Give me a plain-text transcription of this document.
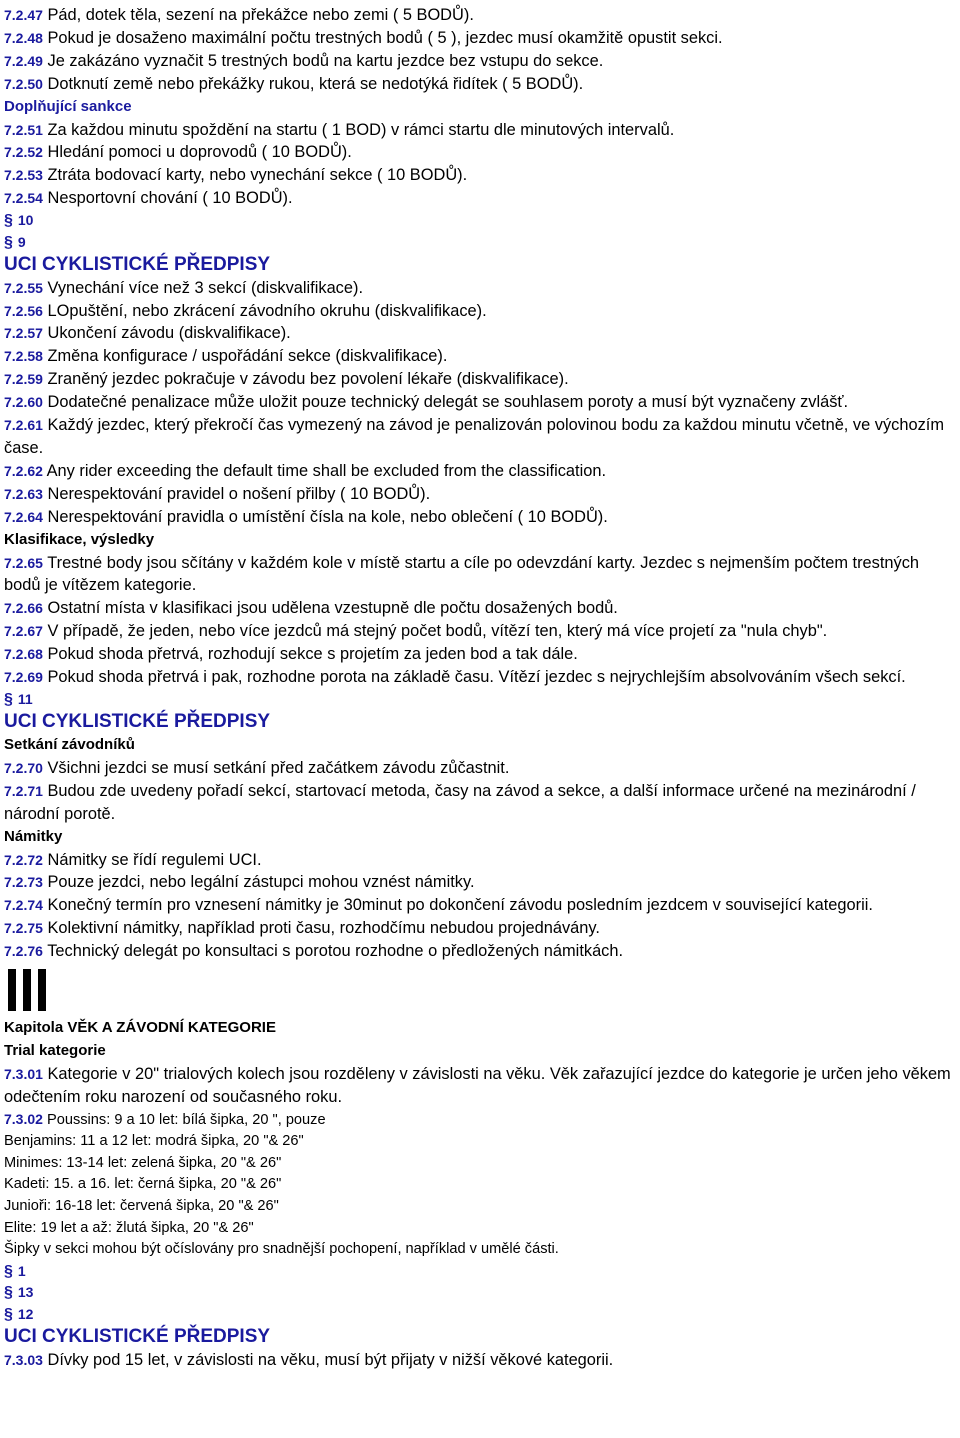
7.2.47 Pád, dotek těla, sezení na překážce nebo zemi ( 5 BODŮ).
7.2.48 Pokud je dosaženo maximální počtu trestných bodů ( 5 ), jezdec musí okamžitě opustit sekci.
7.2.49 Je zakázáno vyznačit 5 trestných bodů na kartu jezdce bez vstupu do sekce.
7.2.50 Dotknutí země nebo překážky rukou, která se nedotýká řidítek ( 5 BODŮ).
Doplňující sankce
7.2.51 Za každou minutu spoždění na startu ( 1 BOD) v rámci startu dle minutových intervalů.
7.2.52 Hledání pomoci u doprovodů ( 10 BODŮ).
7.2.53 Ztráta bodovací karty, nebo vynechání sekce ( 10 BODŮ).
7.2.54 Nesportovní chování ( 10 BODŮ).
§ 10
§ 9
UCI CYKLISTICKÉ PŘEDPISY
7.2.55 Vynechání více než 3 sekcí (diskvalifikace).
7.2.56 LOpuštění, nebo zkrácení závodního okruhu (diskvalifikace).
7.2.57 Ukončení závodu (diskvalifikace).
7.2.58 Změna konfigurace / uspořádání sekce (diskvalifikace).
7.2.59 Zraněný jezdec pokračuje v závodu bez povolení lékaře (diskvalifikace).
7.2.60 Dodatečné penalizace může uložit pouze technický delegát se souhlasem poroty a musí být vyznačeny zvlášť.
7.2.61 Každý jezdec, který překročí čas vymezený na závod je penalizován polovinou bodu za každou minutu včetně, ve výchozím čase.
7.2.62 Any rider exceeding the default time shall be excluded from the classification.
7.2.63 Nerespektování pravidel o nošení přilby ( 10 BODŮ).
7.2.64 Nerespektování pravidla o umístění čísla na kole, nebo oblečení ( 10 BODŮ).
Klasifikace, výsledky
7.2.65 Trestné body jsou sčítány v každém kole v místě startu a cíle po odevzdání karty. Jezdec s nejmenším počtem trestných bodů je vítězem kategorie.
7.2.66 Ostatní místa v klasifikaci jsou udělena vzestupně dle počtu dosažených bodů.
7.2.67 V případě, že jeden, nebo více jezdců má stejný počet bodů, vítězí ten, který má více projetí za "nula chyb".
7.2.68 Pokud shoda přetrvá, rozhodují sekce s projetím za jeden bod a tak dále.
7.2.69 Pokud shoda přetrvá i pak, rozhodne porota na základě času. Vítězí jezdec s nejrychlejším absolvováním všech sekcí.
§ 11
UCI CYKLISTICKÉ PŘEDPISY
Setkání závodníků
7.2.70 Všichni jezdci se musí setkání před začátkem závodu zůčastnit.
7.2.71 Budou zde uvedeny pořadí sekcí, startovací metoda, časy na závod a sekce, a další informace určené na mezinárodní / národní porotě.
Námitky
7.2.72 Námitky se řídí regulemi UCI.
7.2.73 Pouze jezdci, nebo legální zástupci mohou vznést námitky.
7.2.74 Konečný termín pro vznesení námitky je 30minut po dokončení závodu posledním jezdcem v související kategorii.
7.2.75 Kolektivní námitky, například proti času, rozhodčímu nebudou projednávány.
7.2.76 Technický delegát po konsultaci s porotou rozhodne o předložených námitkách.
Kapitola VĚK A ZÁVODNÍ KATEGORIE
Trial kategorie
7.3.01 Kategorie v 20" trialových kolech jsou rozděleny v závislosti na věku. Věk zařazující jezdce do kategorie je určen jeho věkem odečtením roku narození od současného roku.
7.3.02 Poussins: 9 a 10 let: bílá šipka, 20 ", pouze
Benjamins: 11 a 12 let: modrá šipka, 20 "& 26"
Minimes: 13-14 let: zelená šipka, 20 "& 26"
Kadeti: 15. a 16. let: černá šipka, 20 "& 26"
Junioři: 16-18 let: červená šipka, 20 "& 26"
Elite: 19 let a až: žlutá šipka, 20 "& 26"
Šipky v sekci mohou být očíslovány pro snadnější pochopení, například v umělé části.
§ 1
§ 13
§ 12
UCI CYKLISTICKÉ PŘEDPISY
7.3.03 Dívky pod 15 let, v závislosti na věku, musí být přijaty v nižší věkové kategorii.
